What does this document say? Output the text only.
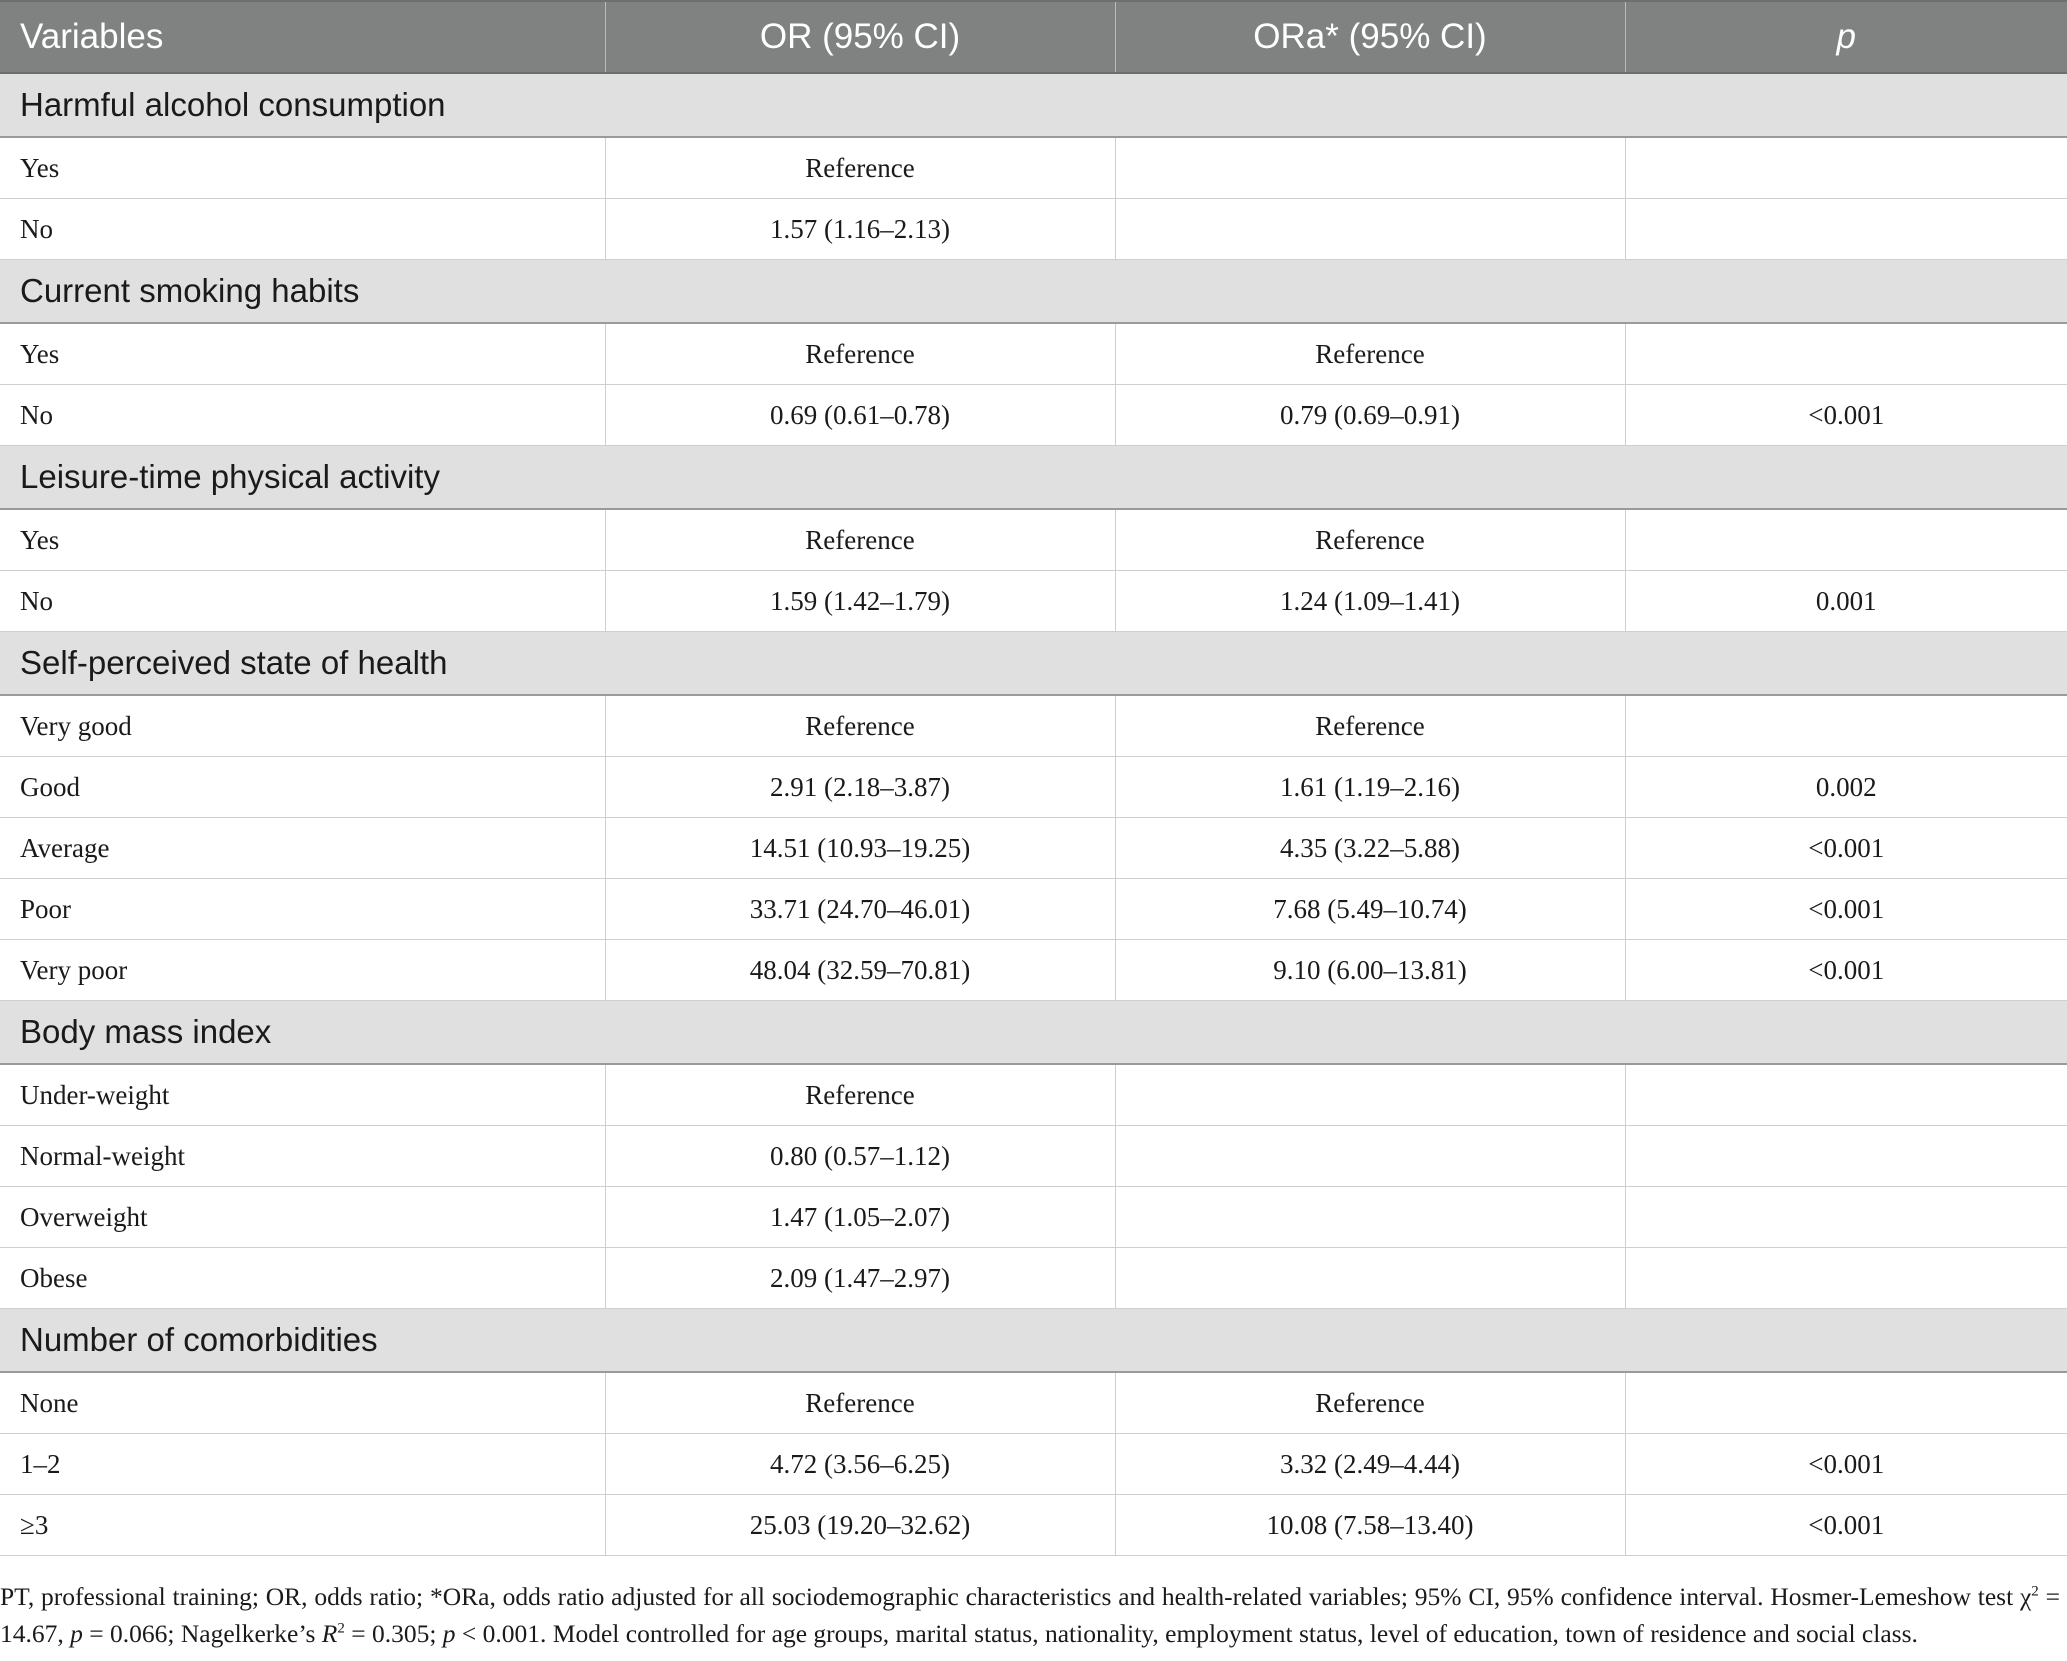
Variables	OR (95% CI)	ORa* (95% CI)	p
Harmful alcohol consumption			
Yes	Reference		
No	1.57 (1.16–2.13)		
Current smoking habits			
Yes	Reference	Reference	
No	0.69 (0.61–0.78)	0.79 (0.69–0.91)	<0.001
Leisure-time physical activity			
Yes	Reference	Reference	
No	1.59 (1.42–1.79)	1.24 (1.09–1.41)	0.001
Self-perceived state of health			
Very good	Reference	Reference	
Good	2.91 (2.18–3.87)	1.61 (1.19–2.16)	0.002
Average	14.51 (10.93–19.25)	4.35 (3.22–5.88)	<0.001
Poor	33.71 (24.70–46.01)	7.68 (5.49–10.74)	<0.001
Very poor	48.04 (32.59–70.81)	9.10 (6.00–13.81)	<0.001
Body mass index			
Under-weight	Reference		
Normal-weight	0.80 (0.57–1.12)		
Overweight	1.47 (1.05–2.07)		
Obese	2.09 (1.47–2.97)		
Number of comorbidities			
None	Reference	Reference	
1–2	4.72 (3.56–6.25)	3.32 (2.49–4.44)	<0.001
≥3	25.03 (19.20–32.62)	10.08 (7.58–13.40)	<0.001
PT, professional training; OR, odds ratio; *ORa, odds ratio adjusted for all sociodemographic characteristics and health-related variables; 95% CI, 95% confidence interval. Hosmer-Lemeshow test $\chi^2 = 14.67$, p = 0.066; Nagelkerke’s $R^2 = 0.305$; p < 0.001. Model controlled for age groups, marital status, nationality, employment status, level of education, town of residence and social class.
